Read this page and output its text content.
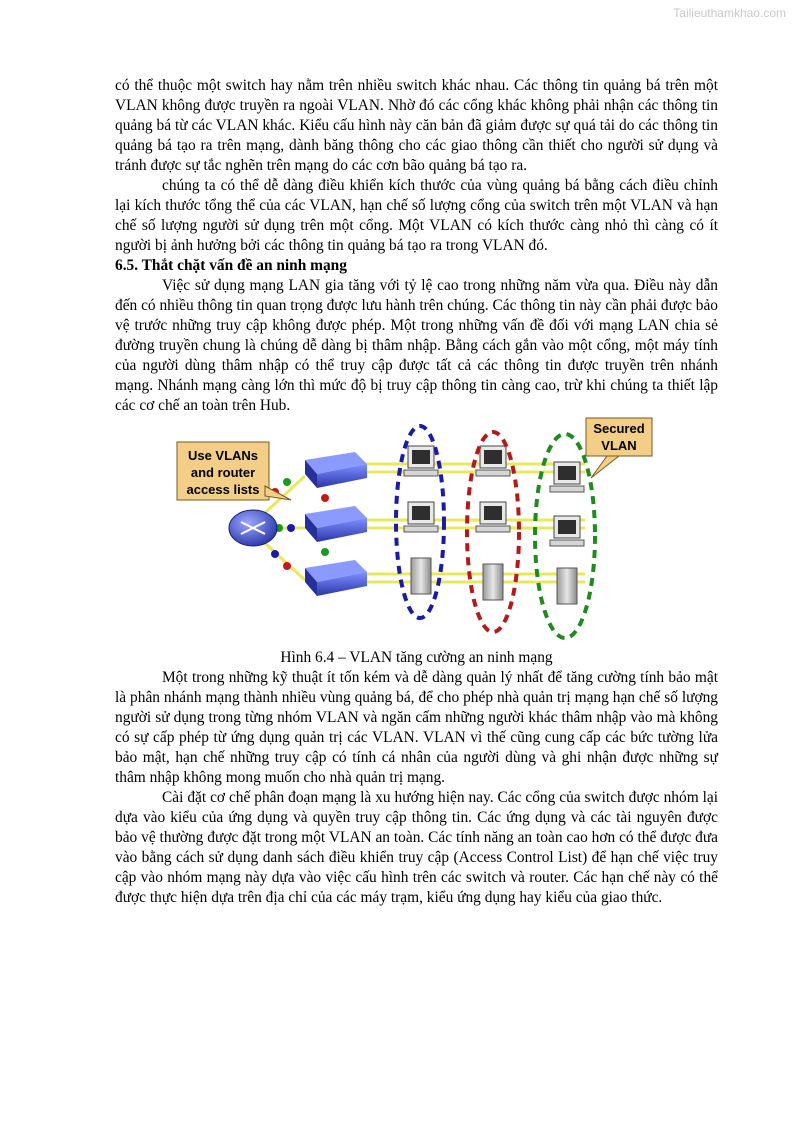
Tailieuthamkhao.com

có thể thuộc một switch hay nằm trên nhiều switch khác nhau. Các thông tin quảng bá trên một VLAN không được truyền ra ngoài VLAN. Nhờ đó các cổng khác không phải nhận các thông tin quảng bá từ các VLAN khác. Kiểu cấu hình này căn bản đã giảm được sự quá tải do các thông tin quảng bá tạo ra trên mạng, dành băng thông cho các giao thông cần thiết cho người sử dụng và tránh được sự tắc nghẽn trên mạng do các cơn bão quảng bá tạo ra.

chúng ta có thể dễ dàng điều khiển kích thước của vùng quảng bá bằng cách điều chỉnh lại kích thước tổng thể của các VLAN, hạn chế số lượng cổng của switch trên một VLAN và hạn chế số lượng người sử dụng trên một cổng. Một VLAN có kích thước càng nhỏ thì càng có ít người bị ảnh hưởng bởi các thông tin quảng bá tạo ra trong VLAN đó.

6.5. Thắt chặt vấn đề an ninh mạng

Việc sử dụng mạng LAN gia tăng với tỷ lệ cao trong những năm vừa qua. Điều này dẫn đến có nhiều thông tin quan trọng được lưu hành trên chúng. Các thông tin này cần phải được bảo vệ trước những truy cập không được phép. Một trong những vấn đề đối với mạng LAN chia sẻ đường truyền chung là chúng dễ dàng bị thâm nhập. Bằng cách gắn vào một cổng, một máy tính của người dùng thâm nhập có thể truy cập được tất cả các thông tin được truyền trên nhánh mạng. Nhánh mạng càng lớn thì mức độ bị truy cập thông tin càng cao, trừ khi chúng ta thiết lập các cơ chế an toàn trên Hub.

Use VLANs
and router
access lists
Secured
VLAN

Hình 6.4 – VLAN tăng cường an ninh mạng

Một trong những kỹ thuật ít tốn kém và dễ dàng quản lý nhất để tăng cường tính bảo mật là phân nhánh mạng thành nhiều vùng quảng bá, để cho phép nhà quản trị mạng hạn chế số lượng người sử dụng trong từng nhóm VLAN và ngăn cấm những người khác thâm nhập vào mà không có sự cấp phép từ ứng dụng quản trị các VLAN. VLAN vì thế cũng cung cấp các bức tường lửa bảo mật, hạn chế những truy cập có tính cá nhân của người dùng và ghi nhận được những sự thâm nhập không mong muốn cho nhà quản trị mạng.

Cài đặt cơ chế phân đoạn mạng là xu hướng hiện nay. Các cổng của switch được nhóm lại dựa vào kiểu của ứng dụng và quyền truy cập thông tin. Các ứng dụng và các tài nguyên được bảo vệ thường được đặt trong một VLAN an toàn. Các tính năng an toàn cao hơn có thể được đưa vào bằng cách sử dụng danh sách điều khiển truy cập (Access Control List) để hạn chế việc truy cập vào nhóm mạng này dựa vào việc cấu hình trên các switch và router. Các hạn chế này có thể được thực hiện dựa trên địa chỉ của các máy trạm, kiểu ứng dụng hay kiểu của giao thức.
